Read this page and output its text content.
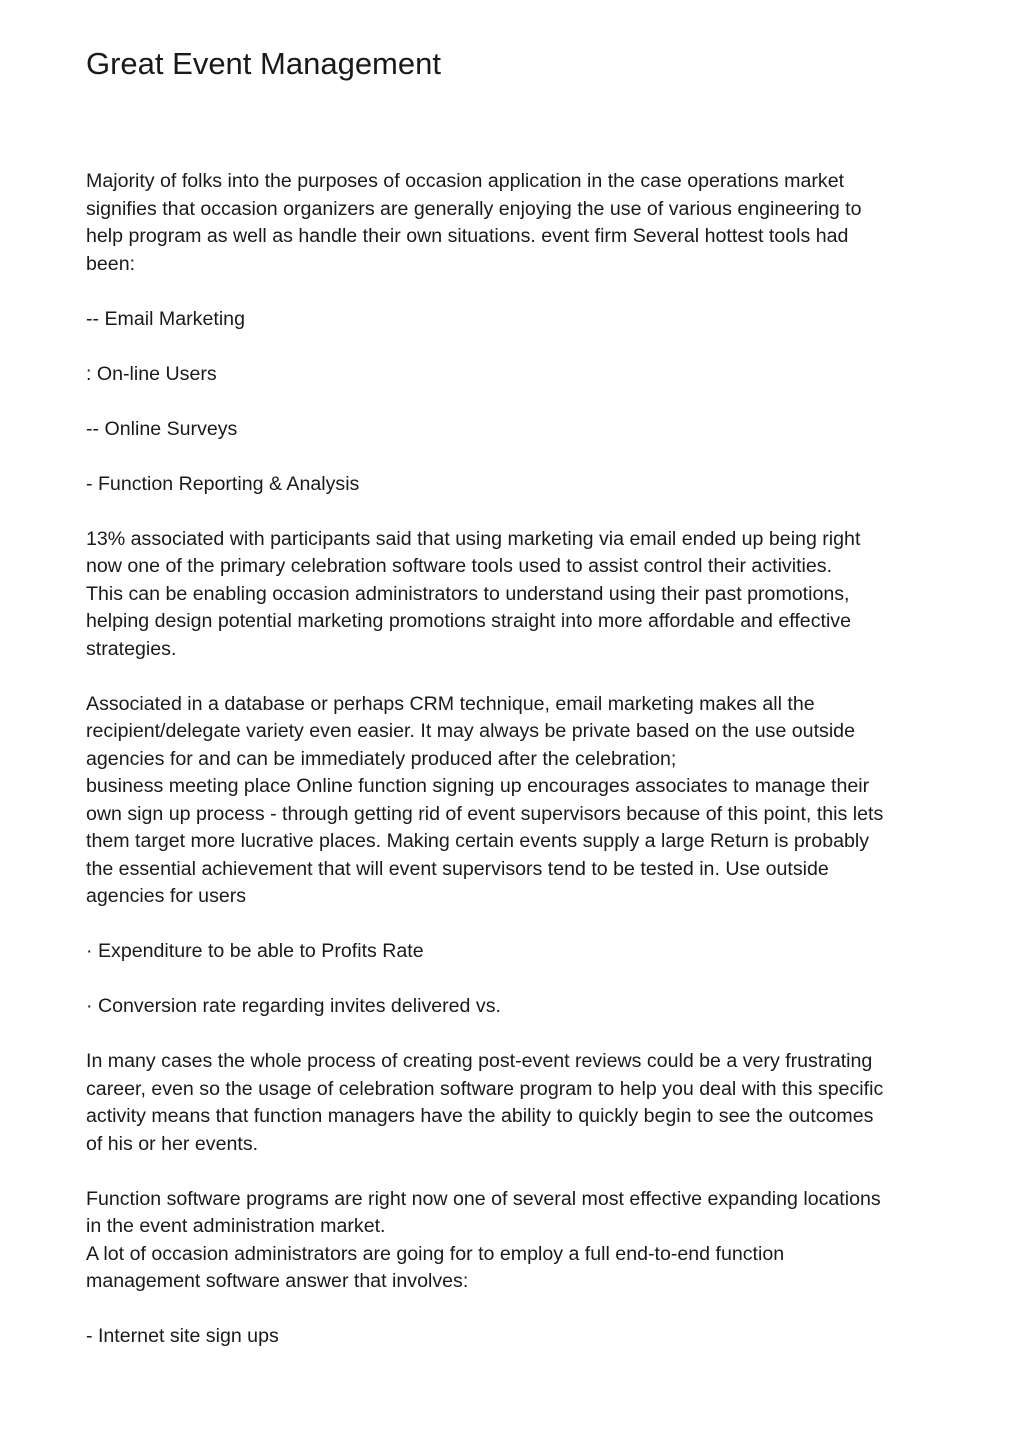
Great Event Management

Majority of folks into the purposes of occasion application in the case operations market
signifies that occasion organizers are generally enjoying the use of various engineering to
help program as well as handle their own situations. event firm Several hottest tools had
been:

-- Email Marketing

: On-line Users

-- Online Surveys

- Function Reporting & Analysis

13% associated with participants said that using marketing via email ended up being right
now one of the primary celebration software tools used to assist control their activities.
This can be enabling occasion administrators to understand using their past promotions,
helping design potential marketing promotions straight into more affordable and effective
strategies.

Associated in a database or perhaps CRM technique, email marketing makes all the
recipient/delegate variety even easier. It may always be private based on the use outside
agencies for and can be immediately produced after the celebration;
business meeting place Online function signing up encourages associates to manage their
own sign up process - through getting rid of event supervisors because of this point, this lets
them target more lucrative places. Making certain events supply a large Return is probably
the essential achievement that will event supervisors tend to be tested in. Use outside
agencies for users

· Expenditure to be able to Profits Rate

· Conversion rate regarding invites delivered vs.

In many cases the whole process of creating post-event reviews could be a very frustrating
career, even so the usage of celebration software program to help you deal with this specific
activity means that function managers have the ability to quickly begin to see the outcomes
of his or her events.

Function software programs are right now one of several most effective expanding locations
in the event administration market.
A lot of occasion administrators are going for to employ a full end-to-end function
management software answer that involves:

- Internet site sign ups
